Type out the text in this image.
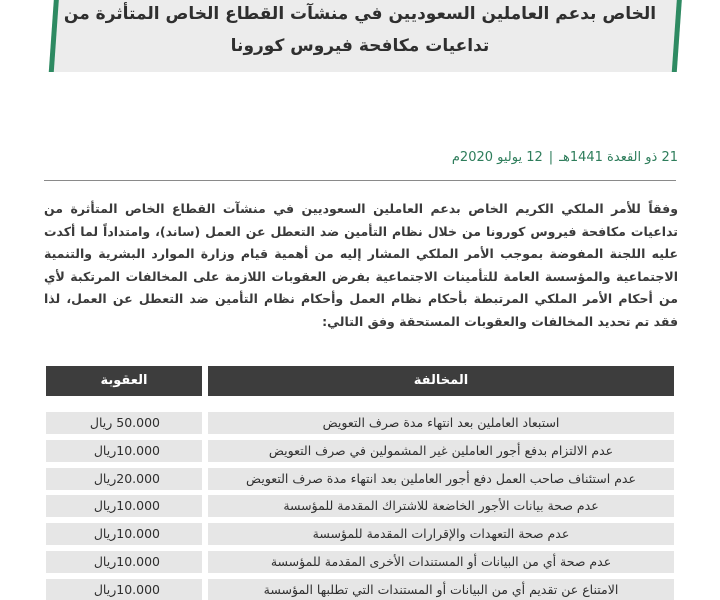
الخاص بدعم العاملين السعوديين في منشآت القطاع الخاص المتأثرة من
تداعيات مكافحة فيروس كورونا
21 ذو القعدة 1441هـ|12 يوليو 2020م
وفقاً للأمر الملكي الكريم الخاص بدعم العاملين السعوديين في منشآت القطاع الخاص المتأثرة من تداعيات مكافحة فيروس كورونا من خلال نظام التأمين ضد التعطل عن العمل (ساند)، وامتداداً لما أكدت عليه اللجنة المفوضة بموجب الأمر الملكي المشار إليه من أهمية قيام وزارة الموارد البشرية والتنمية الاجتماعية والمؤسسة العامة للتأمينات الاجتماعية بفرض العقوبات اللازمة على المخالفات المرتكبة لأي من أحكام الأمر الملكي المرتبطة بأحكام نظام العمل وأحكام نظام التأمين ضد التعطل عن العمل، لذا فقد تم تحديد المخالفات والعقوبات المستحقة وفق التالي:
المخالفة
العقوبة
استبعاد العاملين بعد انتهاء مدة صرف التعويض
50.000 ريال
عدم الالتزام بدفع أجور العاملين غير المشمولين في صرف التعويض
10.000ريال
عدم استئناف صاحب العمل دفع أجور العاملين بعد انتهاء مدة صرف التعويض
20.000ريال
عدم صحة بيانات الأجور الخاضعة للاشتراك المقدمة للمؤسسة
10.000ريال
عدم صحة التعهدات والإقرارات المقدمة للمؤسسة
10.000ريال
عدم صحة أي من البيانات أو المستندات الأخرى المقدمة للمؤسسة
10.000ريال
الامتناع عن تقديم أي من البيانات أو المستندات التي تطلبها المؤسسة
10.000ريال
